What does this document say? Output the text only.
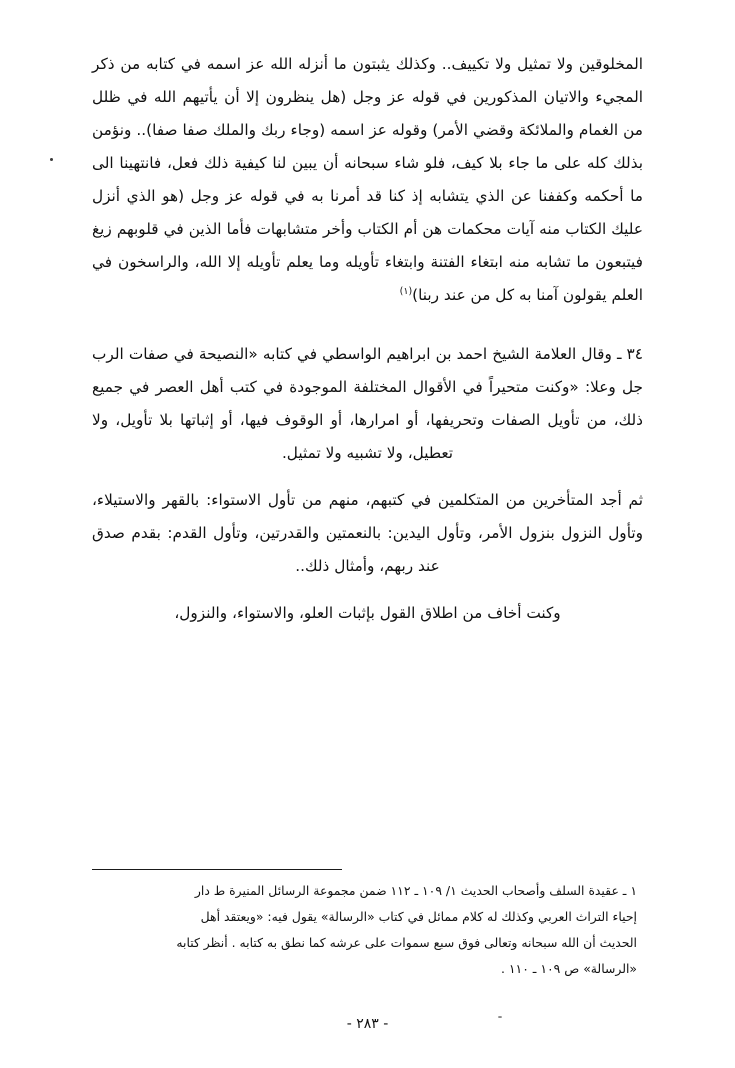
المخلوقين ولا تمثيل ولا تكييف.. وكذلك يثبتون ما أنزله الله عز اسمه في كتابه من ذكر المجيء والاتيان المذكورين في قوله عز وجل (هل ينظرون إلا أن يأتيهم الله في ظلل من الغمام والملائكة وقضي الأمر) وقوله عز اسمه (وجاء ربك والملك صفا صفا).. ونؤمن بذلك كله على ما جاء بلا كيف، فلو شاء سبحانه أن يبين لنا كيفية ذلك فعل، فانتهينا الى ما أحكمه وكففنا عن الذي يتشابه إذ كنا قد أمرنا به في قوله عز وجل (هو الذي أنزل عليك الكتاب منه آيات محكمات هن أم الكتاب وأخر متشابهات فأما الذين في قلوبهم زيغ فيتبعون ما تشابه منه ابتغاء الفتنة وابتغاء تأويله وما يعلم تأويله إلا الله، والراسخون في العلم يقولون آمنا به كل من عند ربنا)$^{(١)}$

٣٤ ـ وقال العلامة الشيخ احمد بن ابراهيم الواسطي في كتابه «النصيحة في صفات الرب جل وعلا: «وكنت متحيراً في الأقوال المختلفة الموجودة في كتب أهل العصر في جميع ذلك، من تأويل الصفات وتحريفها، أو امرارها، أو الوقوف فيها، أو إثباتها بلا تأويل، ولا تعطيل، ولا تشبيه ولا تمثيل.

ثم أجد المتأخرين من المتكلمين في كتبهم، منهم من تأول الاستواء: بالقهر والاستيلاء، وتأول النزول بنزول الأمر، وتأول اليدين: بالنعمتين والقدرتين، وتأول القدم: بقدم صدق عند ربهم، وأمثال ذلك..

وكنت أخاف من اطلاق القول بإثبات العلو، والاستواء، والنزول،

١ ـ عقيدة السلف وأصحاب الحديث ١/ ١٠٩ ـ ١١٢ ضمن مجموعة الرسائل المنيرة ط دار
إحياء التراث العربي وكذلك له كلام ممائل في كتاب «الرسالة» يقول فيه: «ويعتقد أهل
الحديث أن الله سبحانه وتعالى فوق سبع سموات على عرشه كما نطق به كتابه . أنظر كتابه
«الرسالة» ص ١٠٩ ـ ١١٠ .
- ٢٨٣ -
